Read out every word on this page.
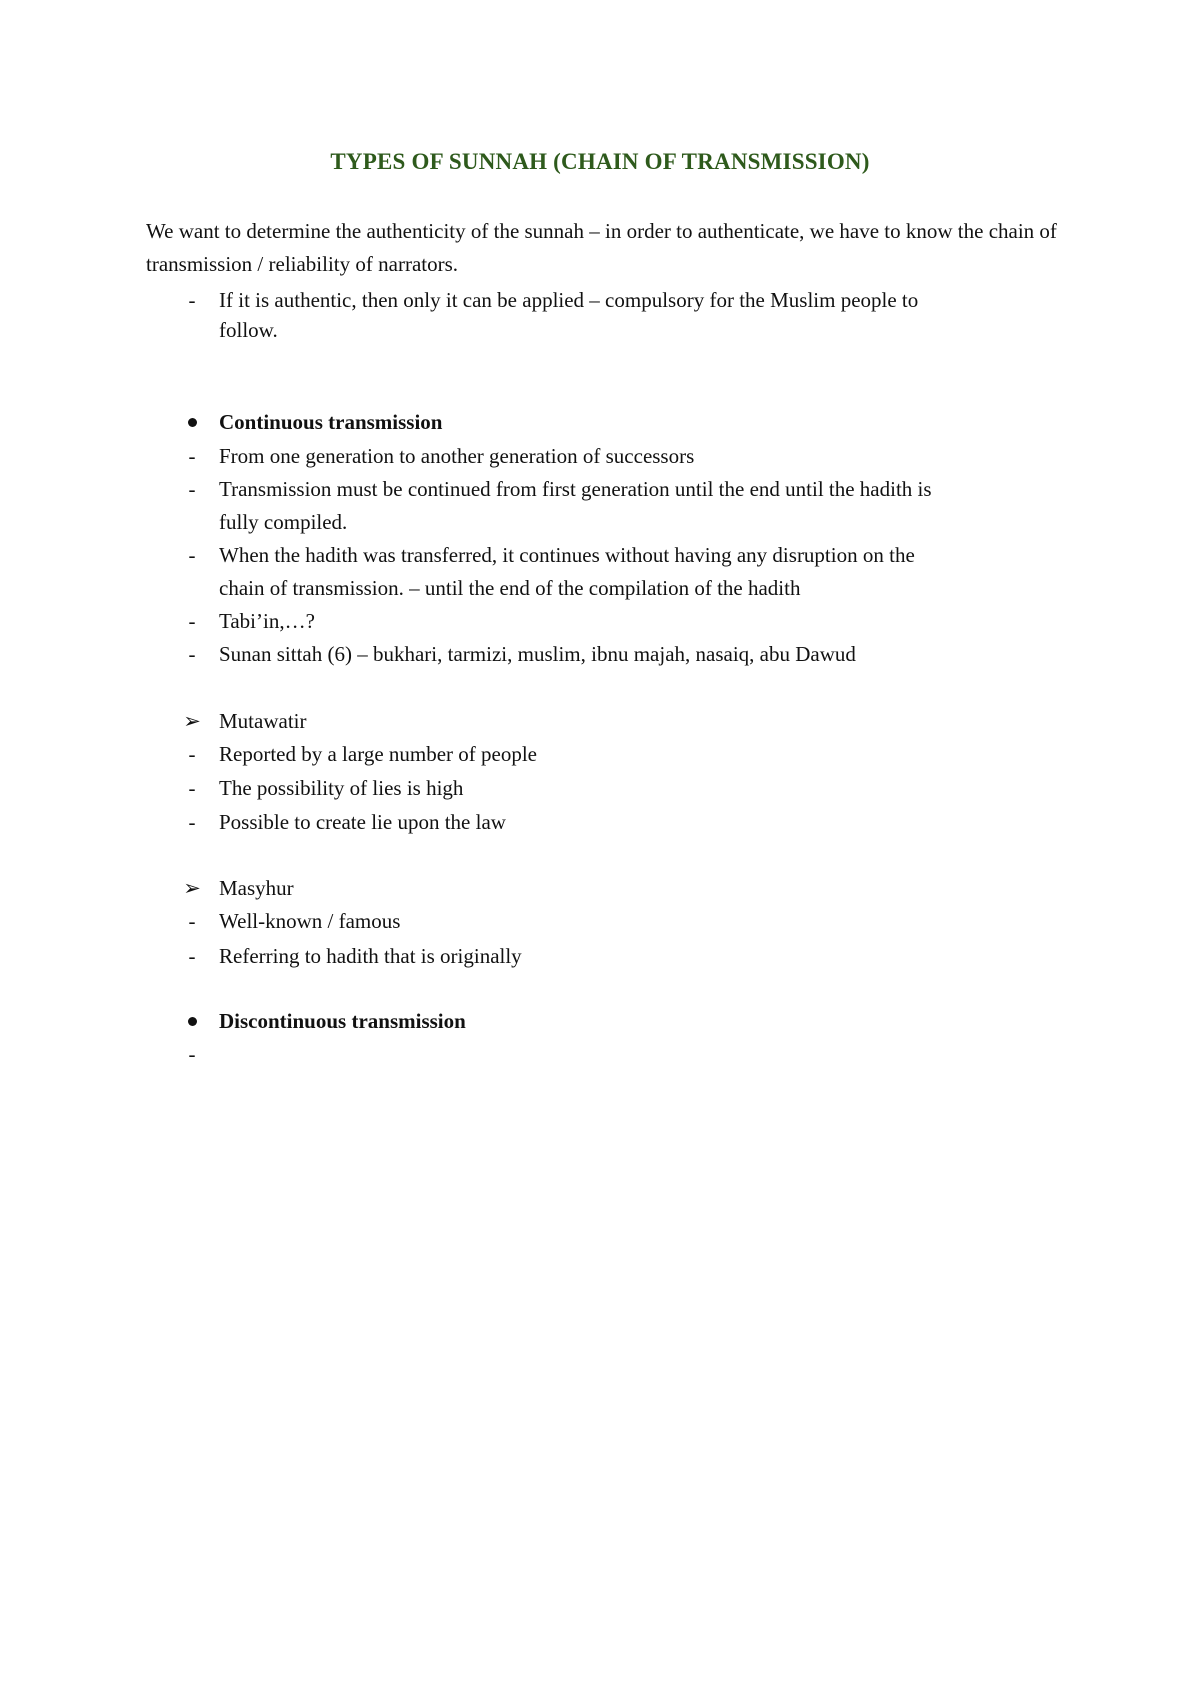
TYPES OF SUNNAH (CHAIN OF TRANSMISSION)

We want to determine the authenticity of the sunnah – in order to authenticate, we have to know the chain of transmission / reliability of narrators.

-	If it is authentic, then only it can be applied – compulsory for the Muslim people to
follow.
Continuous transmission
-	From one generation to another generation of successors
-	Transmission must be continued from first generation until the end until the hadith is
fully compiled.
-	When the hadith was transferred, it continues without having any disruption on the
chain of transmission. – until the end of the compilation of the hadith
-	Tabi’in,…?
-	Sunan sittah (6) – bukhari, tarmizi, muslim, ibnu majah, nasaiq, abu Dawud
➢ Mutawatir
-	Reported by a large number of people
-	The possibility of lies is high
-	Possible to create lie upon the law
➢ Masyhur
-	Well-known / famous
-	Referring to hadith that is originally
Discontinuous transmission
-
